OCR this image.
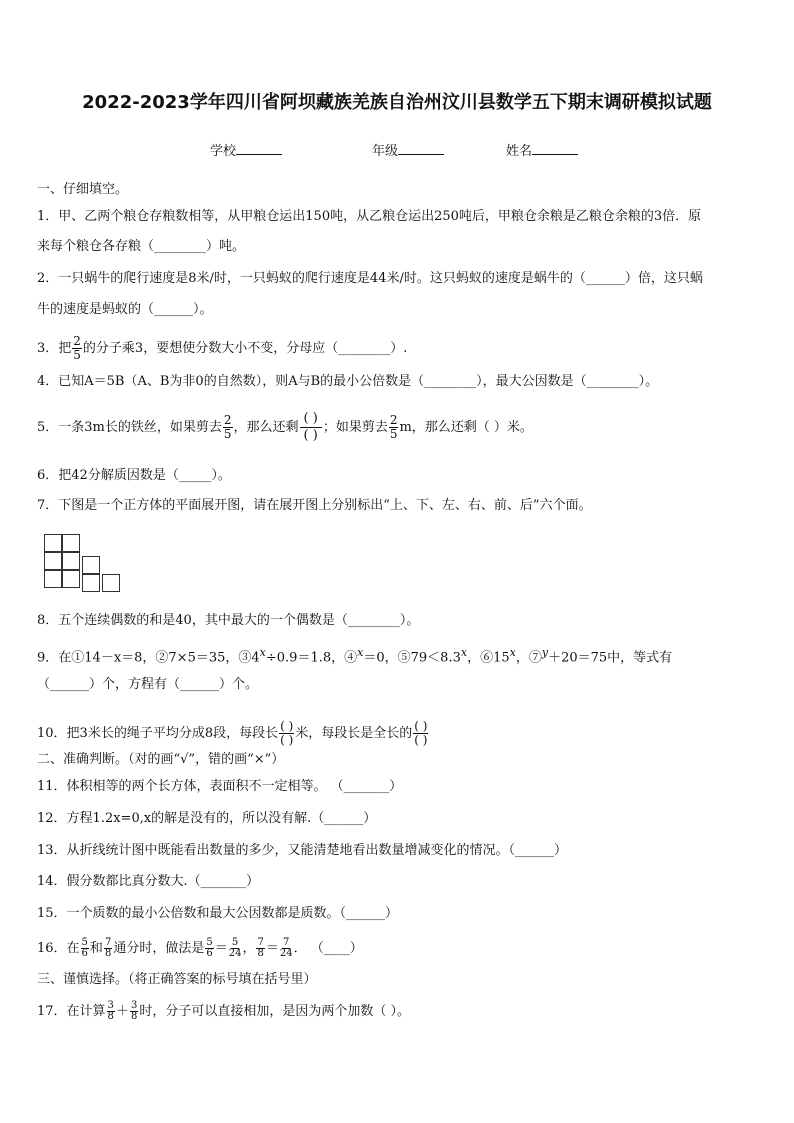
2022-2023学年四川省阿坝藏族羌族自治州汶川县数学五下期末调研模拟试题
学校	年级	姓名
一、仔细填空。
1．甲、乙两个粮仓存粮数相等，从甲粮仓运出150吨，从乙粮仓运出250吨后，甲粮仓余粮是乙粮仓余粮的3倍．原
来每个粮仓各存粮（________）吨。
2．一只蜗牛的爬行速度是8米/时，一只蚂蚁的爬行速度是44米/时。这只蚂蚁的速度是蜗牛的（______）倍，这只蜗
牛的速度是蚂蚁的（______）。
3．把 $\frac{2}{5}$ 的分子乘3，要想使分数大小不变，分母应（________）.
4．已知A＝5B（A、B为非0的自然数），则A与B的最小公倍数是（________），最大公因数是（________）。
5．一条3m长的铁丝，如果剪去 $\frac{2}{5}$ ，那么还剩 $\frac{( )}{( )}$ ；如果剪去 $\frac{2}{5}$ m，那么还剩（ ）米。
6．把42分解质因数是（_____）。
7．下图是一个正方体的平面展开图，请在展开图上分别标出“上、下、左、右、前、后”六个面。
8．五个连续偶数的和是40，其中最大的一个偶数是（________）。
9．在①14－x＝8，②7×5＝35，$③4^x\div 0.9=1.8$，④$^x$＝0，$⑤79<8.3^x$，⑥15$^x$，⑦$^y$＋20＝75中，等式有
（______）个，方程有（______）个。
10．把3米长的绳子平均分成8段，每段长 $\frac{( )}{( )}$ 米，每段长是全长的 $\frac{( )}{( )}$
二、准确判断。（对的画“√”，错的画“×”）
11．体积相等的两个长方体，表面积不一定相等。 （_______）
12．方程1.2x=0,x的解是没有的，所以没有解.（______）
13．从折线统计图中既能看出数量的多少，又能清楚地看出数量增减变化的情况。（______）
14．假分数都比真分数大.（_______）
15．一个质数的最小公倍数和最大公因数都是质数。（______）
16．在 $\frac{5}{6}$ 和 $\frac{7}{8}$ 通分时，做法是 $\frac{5}{6} = \frac{5}{24}$ ， $\frac{7}{8} = \frac{7}{24}$ ． （____）
三、谨慎选择。（将正确答案的标号填在括号里）
17．在计算 $\frac{3}{8} + \frac{3}{8}$ 时，分子可以直接相加，是因为两个加数（ ）。
